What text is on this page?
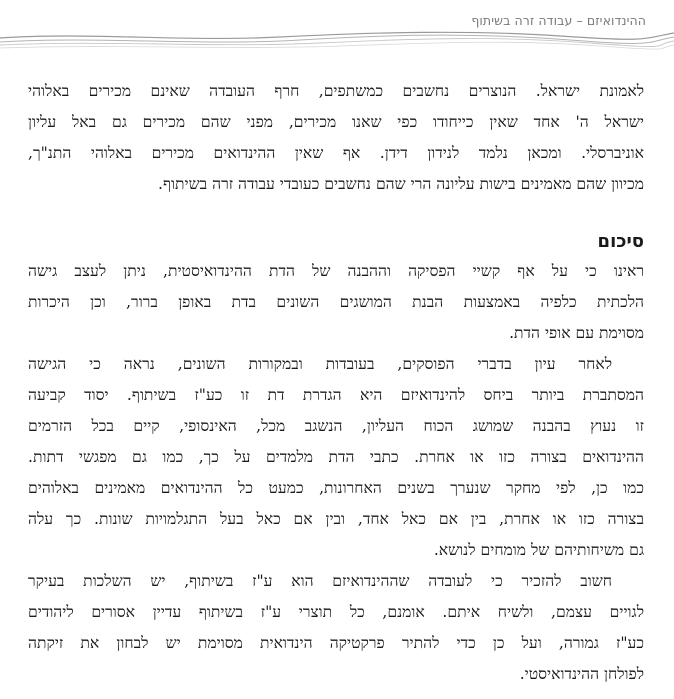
ההינדואיזם – עבודה זרה בשיתוף
לאמונת ישראל. הנוצרים נחשבים כמשתפים, חרף העובדה שאינם מכירים באלוהי
ישראל ה' אחד שאין כייחודו כפי שאנו מכירים, מפני שהם מכירים גם באל עליון
אוניברסלי. ומכאן נלמד לנידון דידן. אף שאין ההינדואים מכירים באלוהי התנ"ך,
מכיוון שהם מאמינים בישות עליונה הרי שהם נחשבים כעובדי עבודה זרה בשיתוף.
סיכום
ראינו כי על אף קשיי הפסיקה וההבנה של הדת ההינדואיסטית, ניתן לעצב גישה
הלכתית כלפיה באמצעות הבנת המושגים השונים בדת באופן ברור, וכן היכרות
מסוימת עם אופי הדת.
לאחר עיון בדברי הפוסקים, בעובדות ובמקורות השונים, נראה כי הגישה
המסתברת ביותר ביחס להינדואיזם היא הגדרת דת זו כע"ז בשיתוף. יסוד קביעה
זו נעוץ בהבנה שמושג הכוח העליון, הנשגב מכל, האינסופי, קיים בכל הזרמים
ההינדואים בצורה כזו או אחרת. כתבי הדת מלמדים על כך, כמו גם מפגשי דתות.
כמו כן, לפי מחקר שנערך בשנים האחרונות, כמעט כל ההינדואים מאמינים באלוהים
בצורה כזו או אחרת, בין אם כאל אחד, ובין אם כאל בעל התגלמויות שונות. כך עלה
גם משיחותיהם של מומחים לנושא.
חשוב להזכיר כי לעובדה שההינדואיזם הוא ע"ז בשיתוף, יש השלכות בעיקר
לגויים עצמם, ולשיח איתם. אומנם, כל תוצרי ע"ז בשיתוף עדיין אסורים ליהודים
כע"ז גמורה, ועל כן כדי להתיר פרקטיקה הינדואית מסוימת יש לבחון את זיקתה
לפולחן ההינדואיסטי.
